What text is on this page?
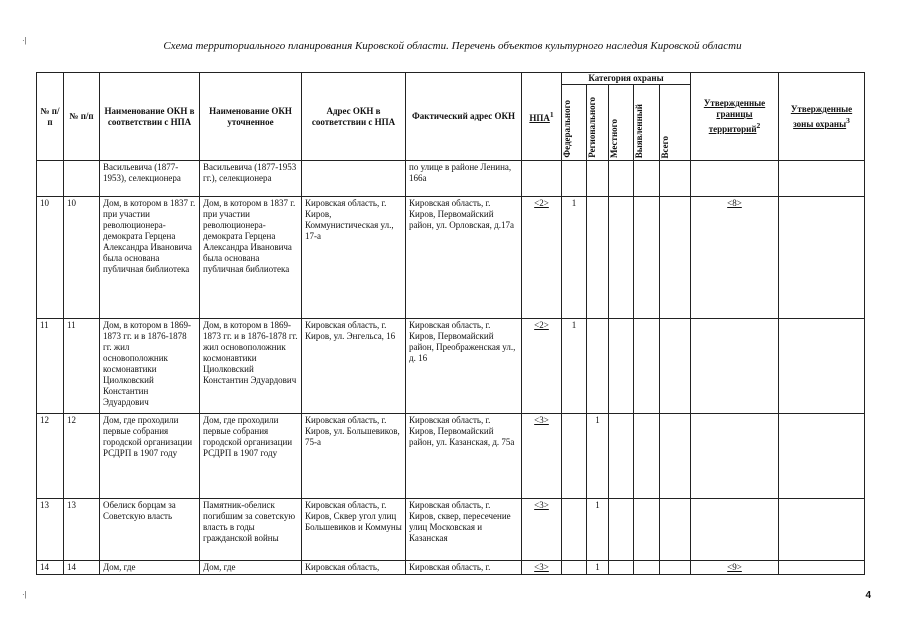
Схема территориального планирования Кировской области. Перечень объектов культурного наследия Кировской области
·|
·|
№ п/п	№ п/п	Наименование ОКН в соответствии с НПА	Наименование ОКН уточненное	Адрес ОКН в соответствии с НПА	Фактический адрес ОКН	НПА$^1$	Категория охраны					Утвержденные границы территорий$^2$	Утвержденные зоны охраны$^3$

							Федерального	Регионального	Местного	Выявленный	Всего		

		Васильевича (1877-1953), селекционера	Васильевича (1877-1953 гг.), селекционера		по улице в районе Ленина, 166а								
10	10	Дом, в котором в 1837 г. при участии революционера-демократа Герцена Александра Ивановича была основана публичная библиотека	Дом, в котором в 1837 г. при участии революционера-демократа Герцена Александра Ивановича была основана публичная библиотека	Кировская область, г. Киров, Коммунистическая ул., 17-а	Кировская область, г. Киров, Первомайский район, ул. Орловская, д.17а	<2>	1					<8>	
11	11	Дом, в котором в 1869-1873 гг. и в 1876-1878 гг. жил основоположник космонавтики Циолковский Константин Эдуардович	Дом, в котором в 1869-1873 гг. и в 1876-1878 гг. жил основоположник космонавтики Циолковский Константин Эдуардович	Кировская область, г. Киров, ул. Энгельса, 16	Кировская область, г. Киров, Первомайский район, Преображенская ул., д. 16	<2>	1						
12	12	Дом, где проходили первые собрания городской организации РСДРП в 1907 году	Дом, где проходили первые собрания городской организации РСДРП в 1907 году	Кировская область, г. Киров, ул. Большевиков, 75-а	Кировская область, г. Киров, Первомайский район, ул. Казанская, д. 75а	<3>		1					
13	13	Обелиск борцам за Советскую власть	Памятник-обелиск погибшим за советскую власть в годы гражданской войны	Кировская область, г. Киров, Сквер угол улиц Большевиков и Коммуны	Кировская область, г. Киров, сквер, пересечение улиц Московская и Казанская	<3>		1					
14	14	Дом, где	Дом, где	Кировская область,	Кировская область, г.	<3>		1				<9>	
4
